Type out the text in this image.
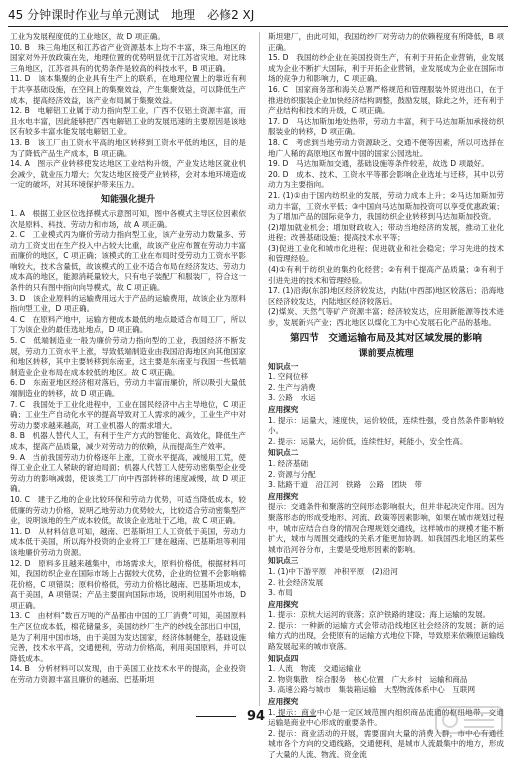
45 分钟课时作业与单元测试　地理　必修2 XJ
工业为发展程度低的工业地区，故 D 项正确。
10. B　珠三角地区和江苏省产业资源基本上均不丰富，珠三角地区的国家对外开放政策在先，地理位置的优势明显优于江苏省灾地。对比珠三角地区，江苏省具有的优势条件是较高的科技水平，B 项正确。
11. D　该本集聚的企业具有生产上的联系，在地理位置上的靠近有利于共享基础设施，在空间上的集聚效益，产生集聚效益，可以降低生产成本，提高经济效益，该产业布局属于集聚效益。
12. B　电解铝工业属于动力指向型工业，广西不仅铝土资源丰富，而且水电丰富，因此能够把广西电解铝工业的发展迅速的主要原因是该地区有较多丰富水能发展电解铝工业。
13. B　该工厂由工资水平高的地区转移到工资水平低的地区，目的是为了降低产品生产成本，B 项正确。
14. A　图示产业转移使发达地区工业结构升级，产业发达地区就业机会减少，就业压力增大；欠发达地区接受产业转移，会对本地环境造成一定的破坏，对其环境保护带来压力。
知能强化提升
1. A　根据工业区位选择模式示意图可知，图中各模式主导区位因素依次是原料、科技、劳动力和市场，故 A 项正确。
2. C　工业模式丙为廉价劳动力指向型工业，该产业劳动力数量多、劳动力工资支出在生产投入中占较大比重，故该产业应布置在劳动力丰富而廉价的地区，C 项正确；该模式的工业在布局时受劳动力工资水平影响较大，技术含量低，故该模式的工业不适合布局在经济发达、劳动力成本高的地区，能源消耗量较大，只有电子装配厂和服装厂，符合这一条件的只有图中指向向导模式，故 C 项正确。
3. D　该企业原料的运输费用远大于产品的运输费用，故该企业为原料指向型工业，D 项正确。
4. C　在原料产地中，运输方便成本最低的地点最适合布局工厂，所以丁为该企业的最佳选址地点，D 项正确。
5. C　低端制造业一般为廉价劳动力指向型的工业，我国经济不断发展，劳动力工资水平上涨，导致低端制造业由我国沿海地区向其他国家和地区转移，其中主要转移到东南亚，这主要是东南亚与我国一些低端制造业企业布局在成本较低的地区。故 C 项正确。
6. D　东南亚地区经济相对落后，劳动力丰富而廉价，所以吸引大量低端制造业的转移，故 D 项正确。
7. C　我国处于工业化进程中，工业在国民经济中占主导地位，C 项正确；工业生产自动化水平的提高导致对工人需求的减少，工业生产中对劳动力要求越来越高，对工业机器人的需求增大。
8. B　机器人替代人工，有利于生产方式的智能化、高效化，降低生产成本，提高产品质量，减少对劳动力的依赖，从而提高生产效率。
9. A　当前我国劳动力价格逐年上涨，工资水平提高，减缓用工荒，使得工业企业工人紧缺的窘迫局面；机器人代替工人使劳动密集型企业受劳动力的影响减弱，使该类工厂向中西部转移的速度减慢，故 D 项正确。
10. C　建于乙地的企业比较环保和劳动力优势，可适当降低成本，较低廉的劳动力价格，说明乙地劳动力优势较大，比较适合劳动密集型产业，说明该地的生产成本较低，故该企业选址于乙地，故 C 项正确。
11. D　从材料信息可知，越南、巴基斯坦工人工资低于美国，劳动力成本低于美国，所以海外投资的企业将工厂建在越南、巴基斯坦等利用该地廉价劳动力资源。
12. D　原料多且越来越集中，市场需求大，原料价格低，根据材料可知，我国纺织企业在国际市场上占据较大优势，企业的位置不会影响棉花价格，C 项错误；原料价格低，劳动力价格比越南、巴基斯坦成本，高于美国，A 项错误；产品主要面向国际市场，说明利用国外市场，D 项正确。
13. C　由材料“数百万吨的产品都由中国的工厂消费”可知，美国原料生产区位成本低，棉花储量多，美国纺纱厂生产的纱线全部出口中国，是为了利用中国市场，由于美国为发达国家，经济体制健全，基础设施完善，技术水平高，交通便利，劳动力价格高，利用美国原料，并可以降低成本。
14. B　分析材料可以发现，由于美国工业技术水平的提高，企业投资在劳动力资源丰富且廉价的越南、巴基斯坦
斯坦建厂，由此可知，我国纺纱厂对劳动力的依赖程度有所降低，B 项正确。
15. D　我国纺纱企业在美国投资生产，有利于开拓企业营销，业发展成为企业不断扩大国际，利于开拓企业营销，业发展成为企业在国际市场的竞争力和影响力，C 项正确。
16. C　国家商务部和海关总署严格规范和管理服装外贸进出口，在于推进纺织服装企业加快经济结构调整，鼓励发展，除此之外，还有利于产业结构和技术的升级，C 项正确。
17. D　马达加斯加地处热带，劳动力丰富，利于马达加斯加承接纺织服装业的转移，D 项正确。
18. C　考虑到当地劳动力资源缺乏、交通不便等因素，所以可选择在地广人稀的高原地区布置中国的国家公园选址。
19. D　马达加斯加交通，基础设施等条件较差，故选 D 项最好。
20. D　成本、技术、工资水平等都会影响企业选址与迁移，其中以劳动力为主要指向。
21. (1)①由于国内纺织业的发展，劳动力成本上升；②马达加斯加劳动力丰富，工资水平低；③中国向马达加斯加投资可以享受优惠政策；为了增加产品的国际竞争力，我国纺织企业转移到马达加斯加投资。
(2)增加就业机会；增加财政收入；带动当地经济的发展，推动工业化进程；改善基础设施；提高技术水平等；
(3)促进工业化和城市化进程；促进就业和社会稳定；学习先进的技术和管理经验。
(4)①有利于纺织业的集约化经营；②有利于提高产品质量；③有利于引进先进的技术和管理经验。
17. (1)沿海(东部)地区经济较发达，内陆(中西部)地区较落后；沿海地区经济较发达，内陆地区经济较落后。
(2)煤炭、天然气等矿产资源丰富；经济较发达，应用新能源等技术进步，发展新兴产业；西北地区以煤化工为中心发展石化产品的基地。
第四节　交通运输布局及其对区域发展的影响
课前要点梳理
知识点一
1. 空间位移
2. 生产与消费
3. 公路　水运
应用探究
1. 提示：运量大，速度快，运价较低，连续性强，受自然条件影响较小。
2. 提示：运量大，运价低，连续性好，耗能小，安全性高。
知识点二
1. 经济基础
2. 资源与分配
3. 陆路干道　沿江河　铁路　公路　团块　带
应用探究
提示：交通条件和聚落的空间形态影响很大，但并非起决定作用。因为聚落形态的形成受地形、河流、政策等因素影响，如果在城市规划过程中，城市应结合自身的情况合理规划交通线，这样城市的规模才能不断扩大，城市与周围交通线的关系才能更加协调。如我国西北地区的某些城市沿河谷分布，主要是受地形因素的影响。
知识点三
1. (1)中下游平原　冲积平原　(2)沿河
2. 社会经济发展
3. 布局
应用探究
1. 提示：京杭大运河的衰落；京沪铁路的建设；海上运输的发展。
2. 提示：一种新的运输方式会带动沿线地区社会经济的发展；新的运输方式的出现，会使原有的运输方式地位下降，导致原来依赖原运输线路发展起来的城市衰落。
知识点四
1. 人流　物流　交通运输业
2. 物资集散　综合服务　核心位置　广大乡村　运输和商品
3. 高速公路与城市　集装箱运输　大型物流体系中心　互联网
应用探究
1. 提示：商业中心是一定区域范围内组织商品流通的枢纽地带，交通运输是商业中心形成的重要条件。
2. 提示：商业活动的开展，需要面向大量的消费人群，市中心有通往城市各个方向的交通线路，交通便利，是城市人流最集中的地方，形成了大量的人流、物流、资金流
94
